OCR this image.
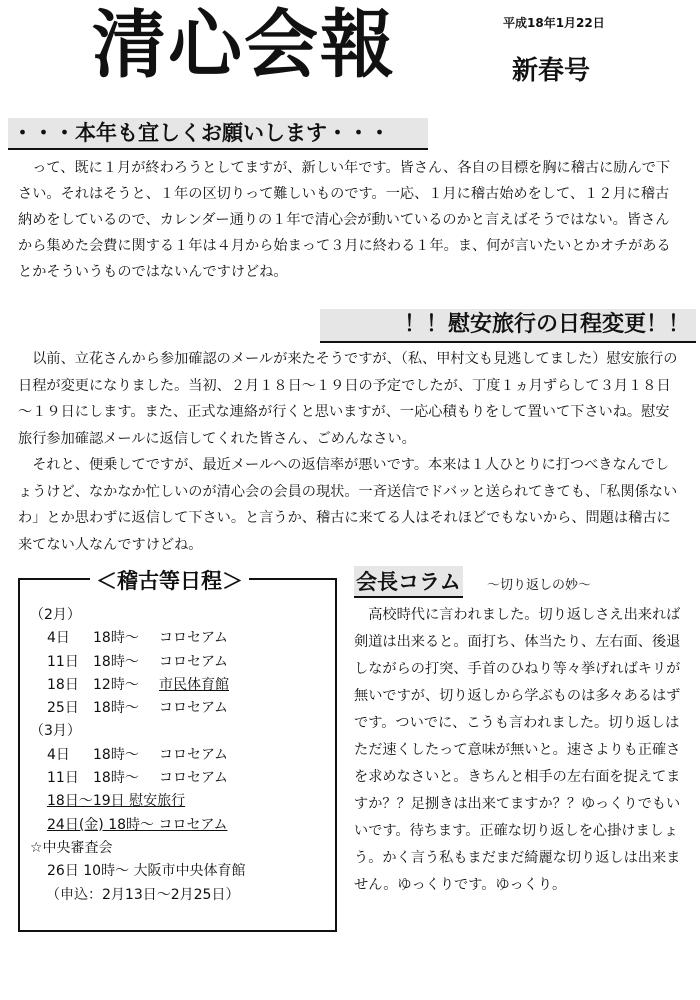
清心会報	平成18年1月22日
新春号
・・・本年も宜しくお願いします・・・

って、既に１月が終わろうとしてますが、新しい年です。皆さん、各自の目標を胸に稽古に励んで下さい。それはそうと、１年の区切りって難しいものです。一応、１月に稽古始めをして、１２月に稽古納めをしているので、カレンダー通りの１年で清心会が動いているのかと言えばそうではない。皆さんから集めた会費に関する１年は４月から始まって３月に終わる１年。ま、何が言いたいとかオチがあるとかそういうものではないんですけどね。

！！慰安旅行の日程変更！！

以前、立花さんから参加確認のメールが来たそうですが、（私、甲村文も見逃してました）慰安旅行の日程が変更になりました。当初、２月１８日～１９日の予定でしたが、丁度１ヵ月ずらして３月１８日～１９日にします。また、正式な連絡が行くと思いますが、一応心積もりをして置いて下さいね。慰安旅行参加確認メールに返信してくれた皆さん、ごめんなさい。

それと、便乗してですが、最近メールへの返信率が悪いです。本来は１人ひとりに打つべきなんでしょうけど、なかなか忙しいのが清心会の会員の現状。一斉送信でドバッと送られてきても、「私関係ないわ」とか思わずに返信して下さい。と言うか、稽古に来てる人はそれほどでもないから、問題は稽古に来てない人なんですけどね。

＜稽古等日程＞
（2月）
4日 18時～ コロセアム
11日 18時～ コロセアム
18日 12時～ 市民体育館
25日 18時～ コロセアム
（3月）
4日 18時～ コロセアム
11日 18時～ コロセアム
18日～19日 慰安旅行
24日(金) 18時～ コロセアム
☆中央審査会
26日 10時～ 大阪市中央体育館
（申込：2月13日～2月25日）
会長コラム ～切り返しの妙～

高校時代に言われました。切り返しさえ出来れば剣道は出来ると。面打ち、体当たり、左右面、後退しながらの打突、手首のひねり等々挙げればキリが無いですが、切り返しから学ぶものは多々あるはずです。ついでに、こうも言われました。切り返しはただ速くしたって意味が無いと。速さよりも正確さを求めなさいと。きちんと相手の左右面を捉えてますか？？足捌きは出来てますか？？ゆっくりでもいいです。待ちます。正確な切り返しを心掛けましょう。かく言う私もまだまだ綺麗な切り返しは出来ません。ゆっくりです。ゆっくり。
